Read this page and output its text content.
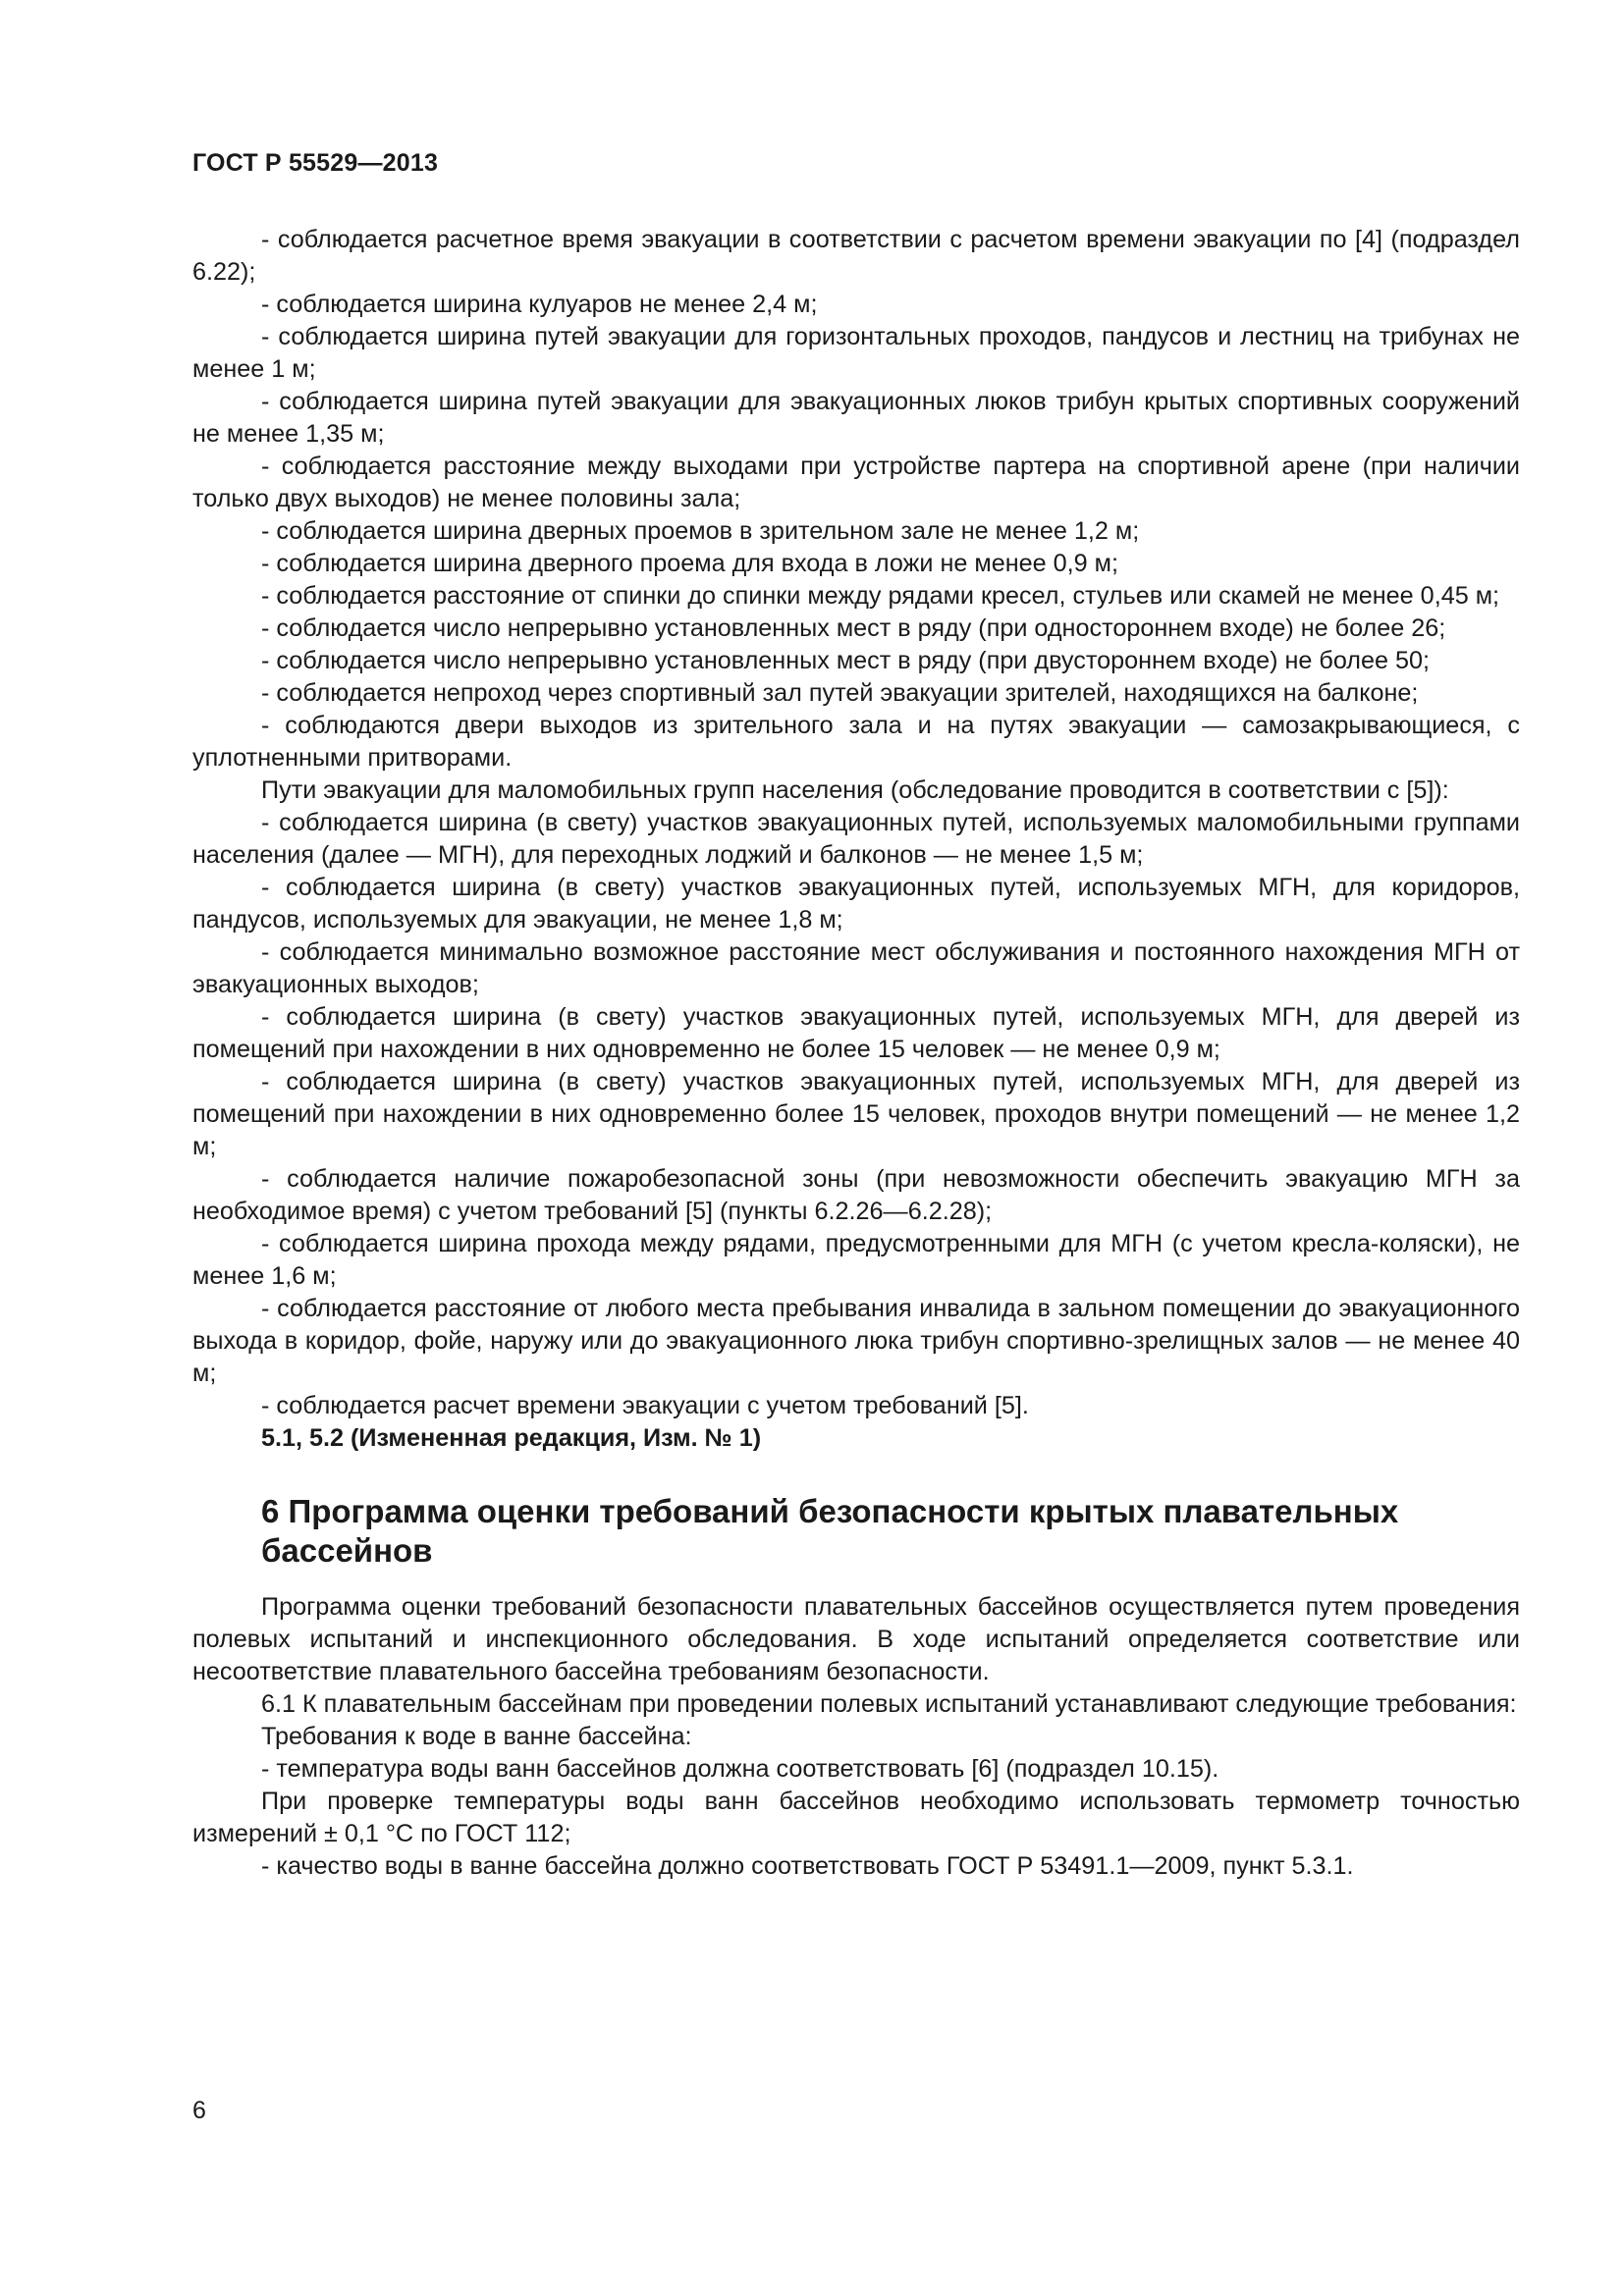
ГОСТ Р 55529—2013

- соблюдается расчетное время эвакуации в соответствии с расчетом времени эвакуации по [4] (подраздел 6.22);

- соблюдается ширина кулуаров не менее 2,4 м;

- соблюдается ширина путей эвакуации для горизонтальных проходов, пандусов и лестниц на трибунах не менее 1 м;

- соблюдается ширина путей эвакуации для эвакуационных люков трибун крытых спортивных сооружений не менее 1,35 м;

- соблюдается расстояние между выходами при устройстве партера на спортивной арене (при наличии только двух выходов) не менее половины зала;

- соблюдается ширина дверных проемов в зрительном зале не менее 1,2 м;

- соблюдается ширина дверного проема для входа в ложи не менее 0,9 м;

- соблюдается расстояние от спинки до спинки между рядами кресел, стульев или скамей не менее 0,45 м;

- соблюдается число непрерывно установленных мест в ряду (при одностороннем входе) не более 26;

- соблюдается число непрерывно установленных мест в ряду (при двустороннем входе) не более 50;

- соблюдается непроход через спортивный зал путей эвакуации зрителей, находящихся на балконе;

- соблюдаются двери выходов из зрительного зала и на путях эвакуации — самозакрывающиеся, с уплотненными притворами.

Пути эвакуации для маломобильных групп населения (обследование проводится в соответствии с [5]):

- соблюдается ширина (в свету) участков эвакуационных путей, используемых маломобильными группами населения (далее — МГН), для переходных лоджий и балконов — не менее 1,5 м;

- соблюдается ширина (в свету) участков эвакуационных путей, используемых МГН, для коридоров, пандусов, используемых для эвакуации, не менее 1,8 м;

- соблюдается минимально возможное расстояние мест обслуживания и постоянного нахождения МГН от эвакуационных выходов;

- соблюдается ширина (в свету) участков эвакуационных путей, используемых МГН, для дверей из помещений при нахождении в них одновременно не более 15 человек — не менее 0,9 м;

- соблюдается ширина (в свету) участков эвакуационных путей, используемых МГН, для дверей из помещений при нахождении в них одновременно более 15 человек, проходов внутри помещений — не менее 1,2 м;

- соблюдается наличие пожаробезопасной зоны (при невозможности обеспечить эвакуацию МГН за необходимое время) с учетом требований [5] (пункты 6.2.26—6.2.28);

- соблюдается ширина прохода между рядами, предусмотренными для МГН (с учетом кресла-коляски), не менее 1,6 м;

- соблюдается расстояние от любого места пребывания инвалида в зальном помещении до эвакуационного выхода в коридор, фойе, наружу или до эвакуационного люка трибун спортивно-зрелищных залов — не менее 40 м;

- соблюдается расчет времени эвакуации с учетом требований [5].

5.1, 5.2 (Измененная редакция, Изм. № 1)

6 Программа оценки требований безопасности крытых плавательных бассейнов

Программа оценки требований безопасности плавательных бассейнов осуществляется путем проведения полевых испытаний и инспекционного обследования. В ходе испытаний определяется соответствие или несоответствие плавательного бассейна требованиям безопасности.

6.1 К плавательным бассейнам при проведении полевых испытаний устанавливают следующие требования:

Требования к воде в ванне бассейна:

- температура воды ванн бассейнов должна соответствовать [6] (подраздел 10.15).

При проверке температуры воды ванн бассейнов необходимо использовать термометр точностью измерений ± 0,1 °C по ГОСТ 112;

- качество воды в ванне бассейна должно соответствовать ГОСТ Р 53491.1—2009, пункт 5.3.1.

6
